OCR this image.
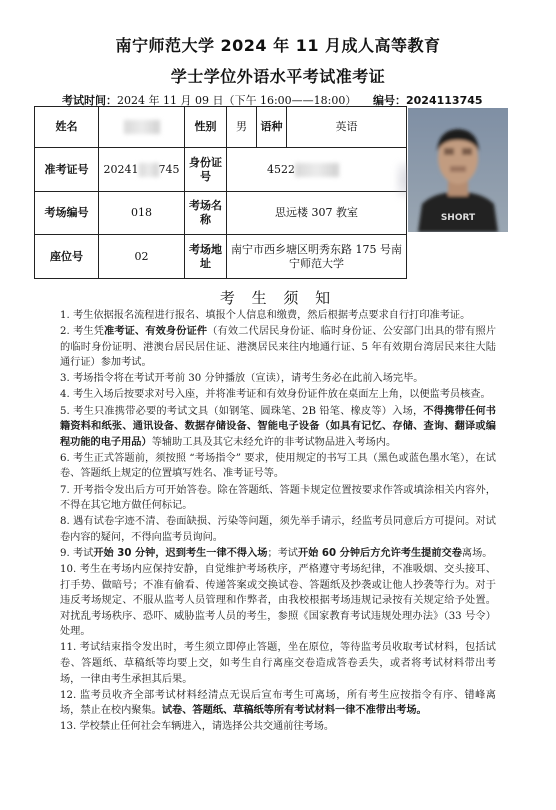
南宁师范大学 2024 年 11 月成人高等教育
学士学位外语水平考试准考证
考试时间：2024 年 11 月 09 日（下午 16:00——18:00） 编号：2024113745
姓名		性别	男	语种	英语
准考证号	20241 745	身份证号	4522		
考场编号	018	考场名称	思远楼 307 教室		
座位号	02	考场地址	南宁市西乡塘区明秀东路 175 号南宁师范大学		
SHORT
考 生 须 知

1. 考生依据报名流程进行报名、填报个人信息和缴费，然后根据考点要求自行打印准考证。

2. 考生凭准考证、有效身份证件（有效二代居民身份证、临时身份证、公安部门出具的带有照片的临时身份证明、港澳台居民居住证、港澳居民来往内地通行证、5 年有效期台湾居民来往大陆通行证）参加考试。

3. 考场指令将在考试开考前 30 分钟播放（宣读），请考生务必在此前入场完毕。

4. 考生入场后按要求对号入座，并将准考证和有效身份证件放在桌面左上角，以便监考员核查。

5. 考生只准携带必要的考试文具（如钢笔、圆珠笔、2B 铅笔、橡皮等）入场，不得携带任何书籍资料和纸张、通讯设备、数据存储设备、智能电子设备（如具有记忆、存储、查询、翻译或编程功能的电子用品）等辅助工具及其它未经允许的非考试物品进入考场内。

6. 考生正式答题前，须按照 “考场指令” 要求，使用规定的书写工具（黑色或蓝色墨水笔），在试卷、答题纸上规定的位置填写姓名、准考证号等。

7. 开考指令发出后方可开始答卷。除在答题纸、答题卡规定位置按要求作答或填涂相关内容外，不得在其它地方做任何标记。

8. 遇有试卷字迹不清、卷面缺损、污染等问题，须先举手请示，经监考员同意后方可提问。对试卷内容的疑问，不得向监考员询问。

9. 考试开始 30 分钟，迟到考生一律不得入场；考试开始 60 分钟后方允许考生提前交卷离场。

10. 考生在考场内应保持安静，自觉维护考场秩序，严格遵守考场纪律，不准吸烟、交头接耳、打手势、做暗号；不准有偷看、传递答案或交换试卷、答题纸及抄袭或让他人抄袭等行为。对于违反考场规定、不服从监考人员管理和作弊者，由我校根据考场违规记录按有关规定给予处置。对扰乱考场秩序、恐吓、威胁监考人员的考生，参照《国家教育考试违规处理办法》（33 号令）处理。

11. 考试结束指令发出时，考生须立即停止答题，坐在原位，等待监考员收取考试材料，包括试卷、答题纸、草稿纸等均要上交，如考生自行离座交卷造成答卷丢失，或者将考试材料带出考场，一律由考生承担其后果。

12. 监考员收齐全部考试材料经清点无误后宣布考生可离场，所有考生应按指令有序、错峰离场，禁止在校内聚集。试卷、答题纸、草稿纸等所有考试材料一律不准带出考场。

13. 学校禁止任何社会车辆进入，请选择公共交通前往考场。
